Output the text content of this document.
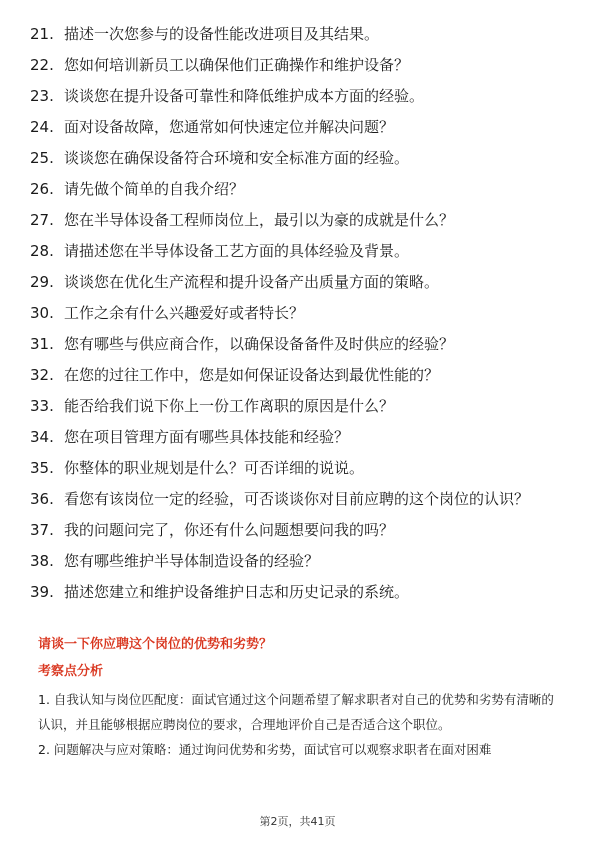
21. 描述一次您参与的设备性能改进项目及其结果。
22. 您如何培训新员工以确保他们正确操作和维护设备？
23. 谈谈您在提升设备可靠性和降低维护成本方面的经验。
24. 面对设备故障，您通常如何快速定位并解决问题？
25. 谈谈您在确保设备符合环境和安全标准方面的经验。
26. 请先做个简单的自我介绍？
27. 您在半导体设备工程师岗位上，最引以为豪的成就是什么？
28. 请描述您在半导体设备工艺方面的具体经验及背景。
29. 谈谈您在优化生产流程和提升设备产出质量方面的策略。
30. 工作之余有什么兴趣爱好或者特长？
31. 您有哪些与供应商合作，以确保设备备件及时供应的经验？
32. 在您的过往工作中，您是如何保证设备达到最优性能的？
33. 能否给我们说下你上一份工作离职的原因是什么？
34. 您在项目管理方面有哪些具体技能和经验？
35. 你整体的职业规划是什么？可否详细的说说。
36. 看您有该岗位一定的经验，可否谈谈你对目前应聘的这个岗位的认识？
37. 我的问题问完了，你还有什么问题想要问我的吗？
38. 您有哪些维护半导体制造设备的经验？
39. 描述您建立和维护设备维护日志和历史记录的系统。
请谈一下你应聘这个岗位的优势和劣势？
考察点分析

1. 自我认知与岗位匹配度：面试官通过这个问题希望了解求职者对自己的优势和劣势有清晰的认识，并且能够根据应聘岗位的要求，合理地评价自己是否适合这个职位。

2. 问题解决与应对策略：通过询问优势和劣势，面试官可以观察求职者在面对困难

第2页，共41页
